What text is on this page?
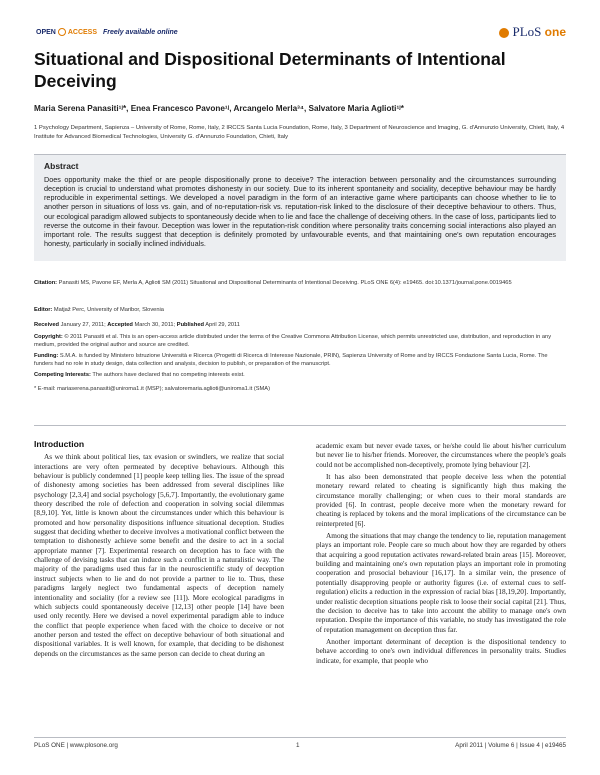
OPEN ACCESS Freely available online	PLoS one
Situational and Dispositional Determinants of Intentional Deceiving
Maria Serena Panasiti¹ʲ*, Enea Francesco Pavone¹ʲ, Arcangelo Merla³⁴, Salvatore Maria Aglioti¹ʲ*
1 Psychology Department, Sapienza – University of Rome, Rome, Italy, 2 IRCCS Santa Lucia Foundation, Rome, Italy, 3 Department of Neuroscience and Imaging, G. d'Annunzio University, Chieti, Italy, 4 Institute for Advanced Biomedical Technologies, University G. d'Annunzio Foundation, Chieti, Italy
Abstract
Does opportunity make the thief or are people dispositionally prone to deceive? The interaction between personality and the circumstances surrounding deception is crucial to understand what promotes dishonesty in our society. Due to its inherent spontaneity and sociality, deceptive behaviour may be hardly reproducible in experimental settings. We developed a novel paradigm in the form of an interactive game where participants can choose whether to lie to another person in situations of loss vs. gain, and of no-reputation-risk vs. reputation-risk linked to the disclosure of their deceptive behaviour to others. Thus, our ecological paradigm allowed subjects to spontaneously decide when to lie and face the challenge of deceiving others. In the case of loss, participants lied to reverse the outcome in their favour. Deception was lower in the reputation-risk condition where personality traits concerning social interactions also played an important role. The results suggest that deception is definitely promoted by unfavourable events, and that maintaining one's own reputation encourages honesty, particularly in socially inclined individuals.
Citation: Panasiti MS, Pavone EF, Merla A, Aglioti SM (2011) Situational and Dispositional Determinants of Intentional Deceiving. PLoS ONE 6(4): e19465. doi:10.1371/journal.pone.0019465
Editor: Matjaž Perc, University of Maribor, Slovenia
Received January 27, 2011; Accepted March 30, 2011; Published April 29, 2011
Copyright: © 2011 Panasiti et al. This is an open-access article distributed under the terms of the Creative Commons Attribution License, which permits unrestricted use, distribution, and reproduction in any medium, provided the original author and source are credited.
Funding: S.M.A. is funded by Ministero Istruzione Università e Ricerca (Progetti di Ricerca di Interesse Nazionale, PRIN), Sapienza University of Rome and by IRCCS Fondazione Santa Lucia, Rome. The funders had no role in study design, data collection and analysis, decision to publish, or preparation of the manuscript.
Competing Interests: The authors have declared that no competing interests exist.
* E-mail: mariaserena.panasiti@uniroma1.it (MSP); salvatoremaria.aglioti@uniroma1.it (SMA)

Introduction

As we think about political lies, tax evasion or swindlers, we realize that social interactions are very often permeated by deceptive behaviours. Although this behaviour is publicly condemned [1] people keep telling lies. The issue of the spread of dishonesty among societies has been addressed from several disciplines like psychology [2,3,4] and social psychology [5,6,7]. Importantly, the evolutionary game theory described the role of defection and cooperation in solving social dilemmas [8,9,10]. Yet, little is known about the circumstances under which this behaviour is promoted and how personality dispositions influence situational deception. Studies suggest that deciding whether to deceive involves a motivational conflict between the temptation to dishonestly achieve some benefit and the desire to act in a social appropriate manner [7]. Experimental research on deception has to face with the challenge of devising tasks that can induce such a conflict in a naturalistic way. The majority of the paradigms used thus far in the neuroscientific study of deception instruct subjects when to lie and do not provide a partner to lie to. Thus, these paradigms largely neglect two fundamental aspects of deception namely intentionality and sociality (for a review see [11]). More ecological paradigms in which subjects could spontaneously deceive [12,13] other people [14] have been used only recently. Here we devised a novel experimental paradigm able to induce the conflict that people experience when faced with the choice to deceive or not another person and tested the effect on deceptive behaviour of both situational and dispositional variables. It is well known, for example, that deciding to be dishonest depends on the circumstances as the same person can decide to cheat during an

academic exam but never evade taxes, or he/she could lie about his/her curriculum but never lie to his/her friends. Moreover, the circumstances where the people's goals could not be accomplished non-deceptively, promote lying behaviour [2].

It has also been demonstrated that people deceive less when the potential monetary reward related to cheating is significantly high thus making the circumstance morally challenging; or when cues to their moral standards are provided [6]. In contrast, people deceive more when the monetary reward for cheating is replaced by tokens and the moral implications of the circumstance can be reinterpreted [6].

Among the situations that may change the tendency to lie, reputation management plays an important role. People care so much about how they are regarded by others that acquiring a good reputation activates reward-related brain areas [15]. Moreover, building and maintaining one's own reputation plays an important role in promoting cooperation and prosocial behaviour [16,17]. In a similar vein, the presence of potentially disapproving people or authority figures (i.e. of external cues to self-regulation) elicits a reduction in the expression of racial bias [18,19,20]. Importantly, under realistic deception situations people risk to loose their social capital [21]. Thus, the decision to deceive has to take into account the ability to manage one's own reputation. Despite the importance of this variable, no study has investigated the role of reputation management on deception thus far.

Another important determinant of deception is the dispositional tendency to behave according to one's own individual differences in personality traits. Studies indicate, for example, that people who

PLoS ONE | www.plosone.org	1	April 2011 | Volume 6 | Issue 4 | e19465
